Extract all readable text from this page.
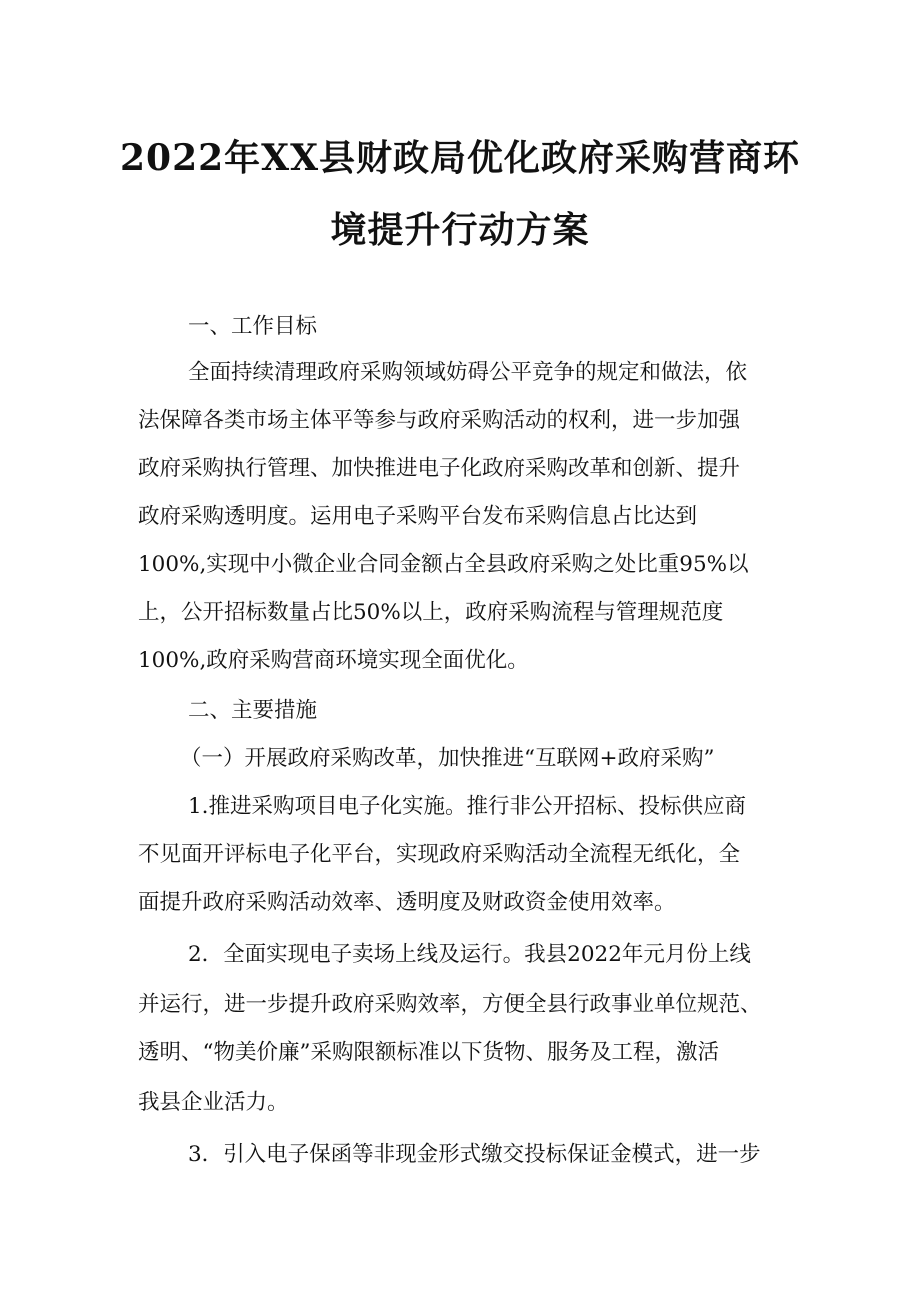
2022年XX县财政局优化政府采购营商环
境提升行动方案

一、工作目标

全面持续清理政府采购领域妨碍公平竞争的规定和做法，依

法保障各类市场主体平等参与政府采购活动的权利，进一步加强

政府采购执行管理、加快推进电子化政府采购改革和创新、提升

政府采购透明度。运用电子采购平台发布采购信息占比达到

100%,实现中小微企业合同金额占全县政府采购之处比重95%以

上，公开招标数量占比50%以上，政府采购流程与管理规范度

100%,政府采购营商环境实现全面优化。

二、主要措施

（一）开展政府采购改革，加快推进“互联网+政府采购”

1.推进采购项目电子化实施。推行非公开招标、投标供应商

不见面开评标电子化平台，实现政府采购活动全流程无纸化，全

面提升政府采购活动效率、透明度及财政资金使用效率。

2．全面实现电子卖场上线及运行。我县2022年元月份上线

并运行，进一步提升政府采购效率，方便全县行政事业单位规范、

透明、“物美价廉”采购限额标准以下货物、服务及工程，激活

我县企业活力。

3．引入电子保函等非现金形式缴交投标保证金模式，进一步
